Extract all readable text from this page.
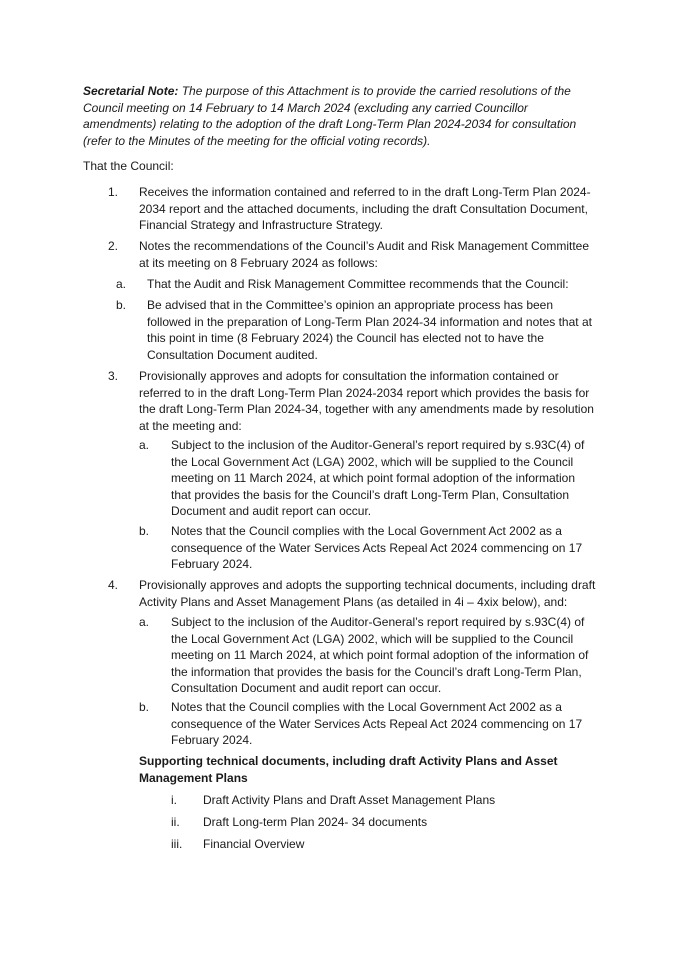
Secretarial Note: The purpose of this Attachment is to provide the carried resolutions of the Council meeting on 14 February to 14 March 2024 (excluding any carried Councillor amendments) relating to the adoption of the draft Long-Term Plan 2024-2034 for consultation (refer to the Minutes of the meeting for the official voting records).
That the Council:
1.	Receives the information contained and referred to in the draft Long-Term Plan 2024-2034 report and the attached documents, including the draft Consultation Document, Financial Strategy and Infrastructure Strategy.
2.	Notes the recommendations of the Council’s Audit and Risk Management Committee at its meeting on 8 February 2024 as follows:
a.	That the Audit and Risk Management Committee recommends that the Council:
b.	Be advised that in the Committee’s opinion an appropriate process has been followed in the preparation of Long-Term Plan 2024-34 information and notes that at this point in time (8 February 2024) the Council has elected not to have the Consultation Document audited.
3.	Provisionally approves and adopts for consultation the information contained or referred to in the draft Long-Term Plan 2024-2034 report which provides the basis for the draft Long-Term Plan 2024-34, together with any amendments made by resolution at the meeting and:
a.	Subject to the inclusion of the Auditor-General’s report required by s.93C(4) of the Local Government Act (LGA) 2002, which will be supplied to the Council meeting on 11 March 2024, at which point formal adoption of the information that provides the basis for the Council’s draft Long-Term Plan, Consultation Document and audit report can occur.
b.	Notes that the Council complies with the Local Government Act 2002 as a consequence of the Water Services Acts Repeal Act 2024 commencing on 17 February 2024.
4.	Provisionally approves and adopts the supporting technical documents, including draft Activity Plans and Asset Management Plans (as detailed in 4i – 4xix below), and:
a.	Subject to the inclusion of the Auditor-General’s report required by s.93C(4) of the Local Government Act (LGA) 2002, which will be supplied to the Council meeting on 11 March 2024, at which point formal adoption of the information of the information that provides the basis for the Council’s draft Long-Term Plan, Consultation Document and audit report can occur.
b.	Notes that the Council complies with the Local Government Act 2002 as a consequence of the Water Services Acts Repeal Act 2024 commencing on 17 February 2024.
Supporting technical documents, including draft Activity Plans and Asset Management Plans
i.	Draft Activity Plans and Draft Asset Management Plans
ii.	Draft Long-term Plan 2024- 34 documents
iii.	Financial Overview
